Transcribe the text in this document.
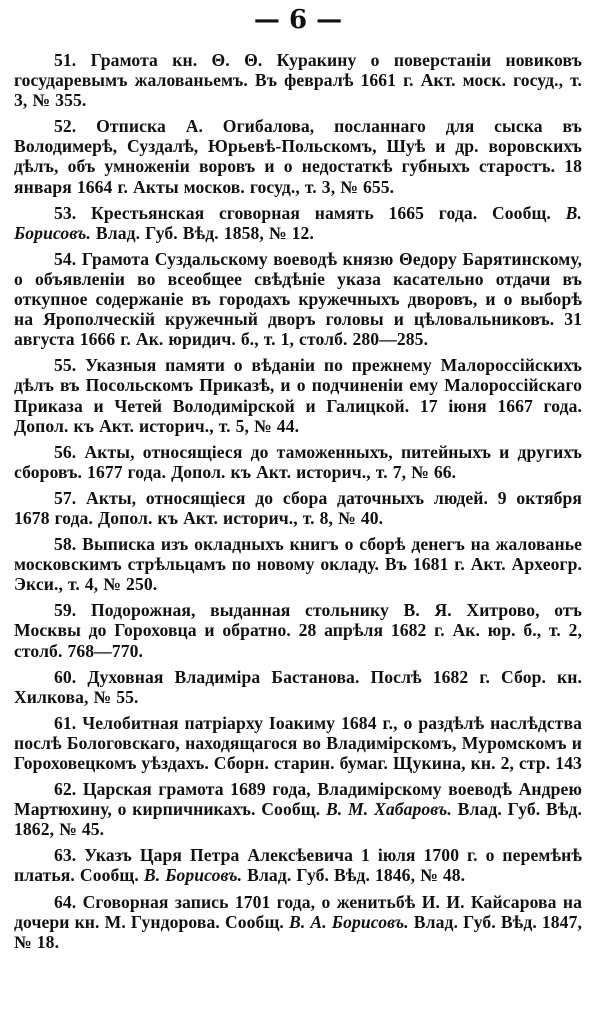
— 6 —

51. Грамота кн. Θ. Θ. Куракину о поверстаніи новиковъ государевымъ жалованьемъ. Въ февралѣ 1661 г. Акт. моск. госуд., т. 3, № 355.

52. Отписка А. Огибалова, посланнаго для сыска въ Володимерѣ, Суздалѣ, Юрьевѣ-Польскомъ, Шуѣ и др. воровскихъ дѣлъ, объ умноженіи воровъ и о недостаткѣ губныхъ старостъ. 18 января 1664 г. Акты москов. госуд., т. 3, № 655.

53. Крестьянская сговорная намять 1665 года. Сообщ. В. Борисовъ. Влад. Губ. Вѣд. 1858, № 12.

54. Грамота Суздальскому воеводѣ князю Θедору Барятинскому, о объявленіи во всеобщее свѣдѣніе указа касательно отдачи въ откупное содержаніе въ городахъ кружечныхъ дворовъ, и о выборѣ на Ярополческій кружечный дворъ головы и цѣловальниковъ. 31 августа 1666 г. Ак. юридич. б., т. 1, столб. 280—285.

55. Указныя памяти о вѣданіи по прежнему Малороссійскихъ дѣлъ въ Посольскомъ Приказѣ, и о подчиненіи ему Малороссійскаго Приказа и Четей Володимірской и Галицкой. 17 іюня 1667 года. Допол. къ Акт. историч., т. 5, № 44.

56. Акты, относящіеся до таможенныхъ, питейныхъ и другихъ сборовъ. 1677 года. Допол. къ Акт. историч., т. 7, № 66.

57. Акты, относящіеся до сбора даточныхъ людей. 9 октября 1678 года. Допол. къ Акт. историч., т. 8, № 40.

58. Выписка изъ окладныхъ книгъ о сборѣ денегъ на жалованье московскимъ стрѣльцамъ по новому окладу. Въ 1681 г. Акт. Археогр. Экси., т. 4, № 250.

59. Подорожная, выданная стольнику В. Я. Хитрово, отъ Москвы до Гороховца и обратно. 28 апрѣля 1682 г. Ак. юр. б., т. 2, столб. 768—770.

60. Духовная Владиміра Бастанова. Послѣ 1682 г. Сбор. кн. Хилкова, № 55.

61. Челобитная патріарху Іоакиму 1684 г., о раздѣлѣ наслѣдства послѣ Бологовскаго, находящагося во Владимірскомъ, Муромскомъ и Гороховецкомъ уѣздахъ. Сборн. старин. бумаг. Щукина, кн. 2, стр. 143

62. Царская грамота 1689 года, Владимірскому воеводѣ Андрею Мартюхину, о кирпичникахъ. Сообщ. В. М. Хабаровъ. Влад. Губ. Вѣд. 1862, № 45.

63. Указъ Царя Петра Алексѣевича 1 іюля 1700 г. о перемѣнѣ платья. Сообщ. В. Борисовъ. Влад. Губ. Вѣд. 1846, № 48.

64. Сговорная запись 1701 года, о женитьбѣ И. И. Кайсарова на дочери кн. М. Гундорова. Сообщ. В. А. Борисовъ. Влад. Губ. Вѣд. 1847, № 18.
